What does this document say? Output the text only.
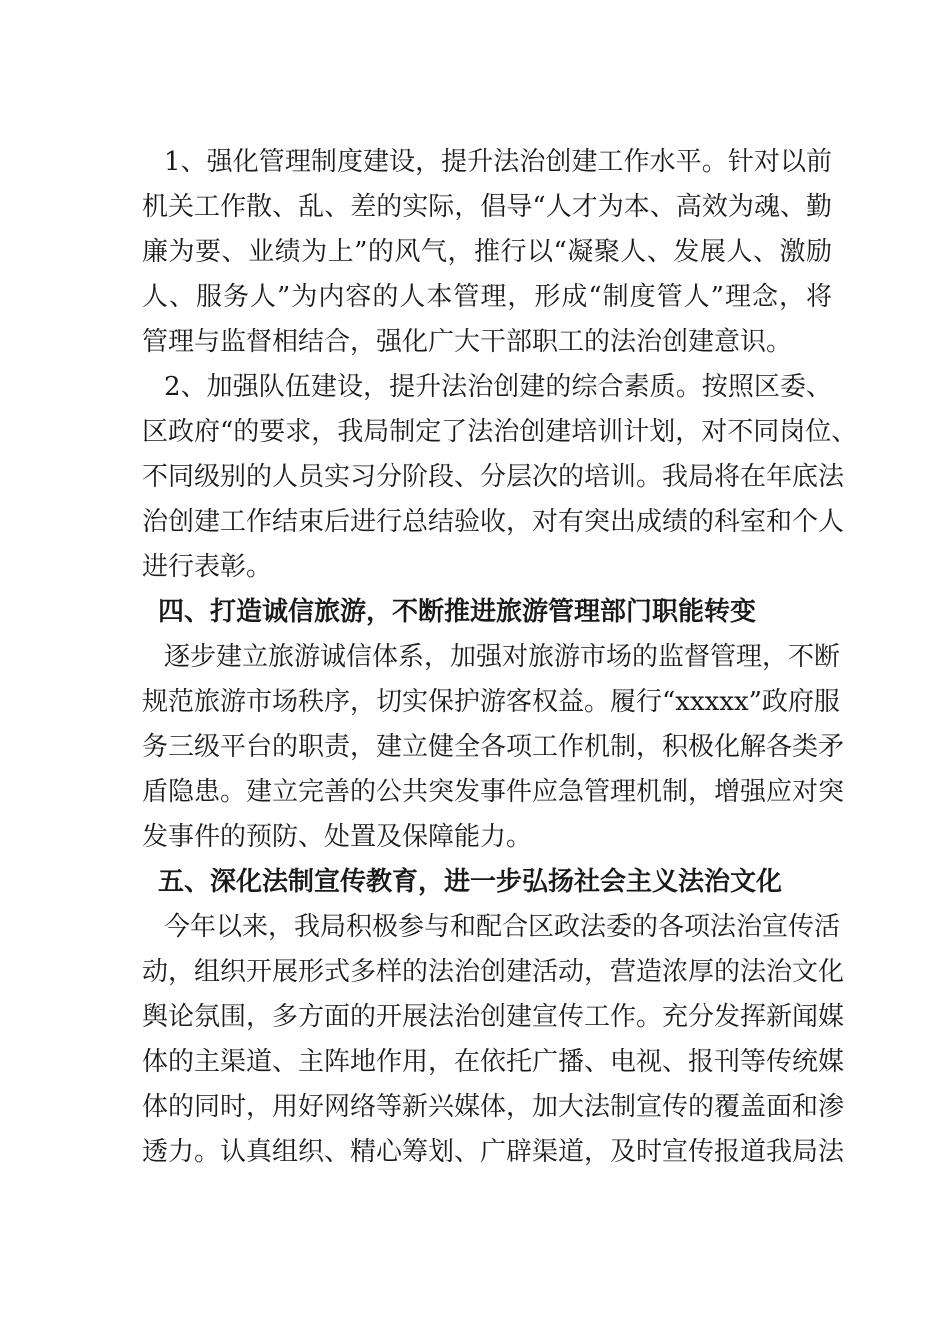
1、强化管理制度建设，提升法治创建工作水平。针对以前
机关工作散、乱、差的实际，倡导“人才为本、高效为魂、勤
廉为要、业绩为上”的风气，推行以“凝聚人、发展人、激励
人、服务人”为内容的人本管理，形成“制度管人”理念，将
管理与监督相结合，强化广大干部职工的法治创建意识。
2、加强队伍建设，提升法治创建的综合素质。按照区委、
区政府“的要求，我局制定了法治创建培训计划，对不同岗位、
不同级别的人员实习分阶段、分层次的培训。我局将在年底法
治创建工作结束后进行总结验收，对有突出成绩的科室和个人
进行表彰。
四、打造诚信旅游，不断推进旅游管理部门职能转变
逐步建立旅游诚信体系，加强对旅游市场的监督管理，不断
规范旅游市场秩序，切实保护游客权益。履行“xxxxx”政府服
务三级平台的职责，建立健全各项工作机制，积极化解各类矛
盾隐患。建立完善的公共突发事件应急管理机制，增强应对突
发事件的预防、处置及保障能力。
五、深化法制宣传教育，进一步弘扬社会主义法治文化
今年以来，我局积极参与和配合区政法委的各项法治宣传活
动，组织开展形式多样的法治创建活动，营造浓厚的法治文化
舆论氛围，多方面的开展法治创建宣传工作。充分发挥新闻媒
体的主渠道、主阵地作用，在依托广播、电视、报刊等传统媒
体的同时，用好网络等新兴媒体，加大法制宣传的覆盖面和渗
透力。认真组织、精心筹划、广辟渠道，及时宣传报道我局法
